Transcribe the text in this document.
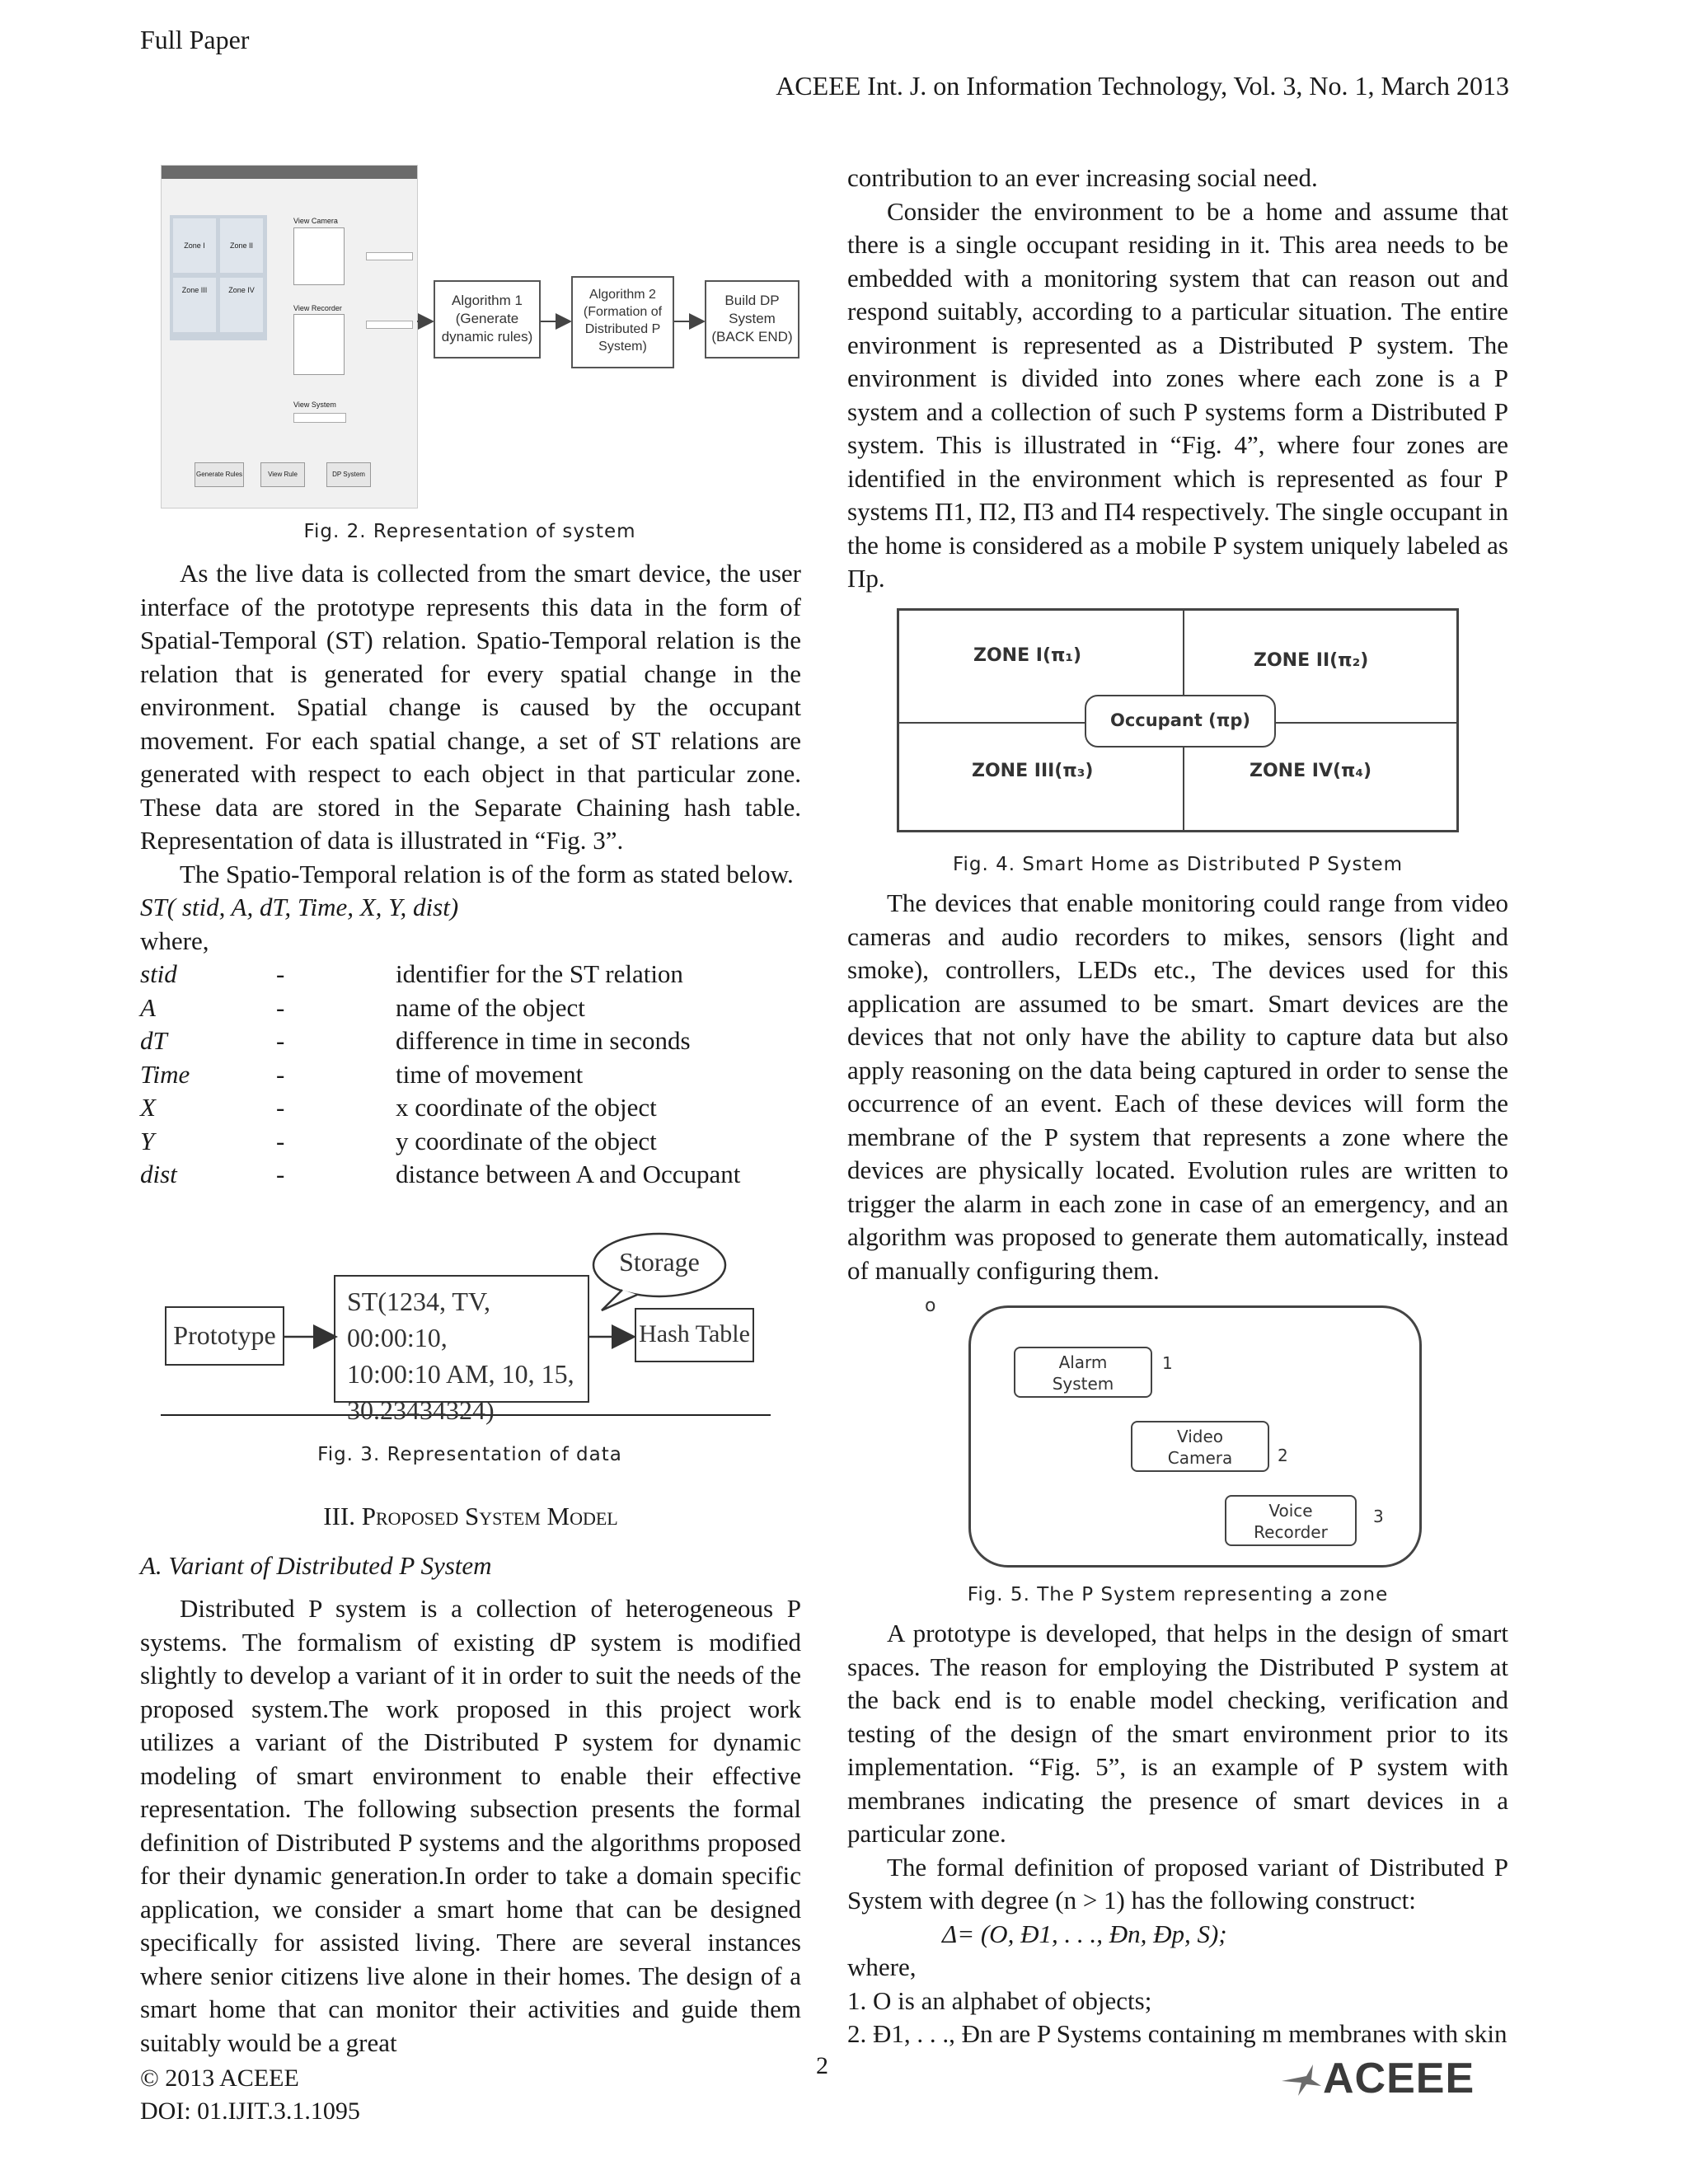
Full Paper
ACEEE Int. J. on Information Technology, Vol. 3, No. 1, March 2013
Zone I	Zone II
Zone III	Zone IV
View Camera
View Recorder
View System
Generate Rules	View Rule	DP System
Algorithm 1
(Generate
dynamic rules)
Algorithm 2
(Formation of
Distributed P
System)
Build DP
System
(BACK END)
Fig. 2. Representation of system

As the live data is collected from the smart device, the user interface of the prototype represents this data in the form of Spatial-Temporal (ST) relation. Spatio-Temporal relation is the relation that is generated for every spatial change in the environment. Spatial change is caused by the occupant movement. For each spatial change, a set of ST relations are generated with respect to each object in that particular zone. These data are stored in the Separate Chaining hash table. Representation of data is illustrated in “Fig. 3”.

The Spatio-Temporal relation is of the form as stated below.

ST( stid, A, dT, Time, X, Y, dist)

where,

stid	-	identifier for the ST relation
A	-	name of the object
dT	-	difference in time in seconds
Time	-	time of movement
X	-	x coordinate of the object
Y	-	y coordinate of the object
dist	-	distance between A and Occupant
Storage
Prototype
ST(1234, TV, 00:00:10,
10:00:10 AM, 10, 15,
30.23434324)
Hash Table
Fig. 3. Representation of data
III. Proposed System Model
A. Variant of Distributed P System

Distributed P system is a collection of heterogeneous P systems. The formalism of existing dP system is modified slightly to develop a variant of it in order to suit the needs of the proposed system.The work proposed in this project work utilizes a variant of the Distributed P system for dynamic modeling of smart environment to enable their effective representation. The following subsection presents the formal definition of Distributed P systems and the algorithms proposed for their dynamic generation.In order to take a domain specific application, we consider a smart home that can be designed specifically for assisted living. There are several instances where senior citizens live alone in their homes. The design of a smart home that can monitor their activities and guide them suitably would be a great

contribution to an ever increasing social need.

Consider the environment to be a home and assume that there is a single occupant residing in it. This area needs to be embedded with a monitoring system that can reason out and respond suitably, according to a particular situation. The entire environment is represented as a Distributed P system. The environment is divided into zones where each zone is a P system and a collection of such P systems form a Distributed P system. This is illustrated in “Fig. 4”, where four zones are identified in the environment which is represented as four P systems Π1, Π2, Π3 and Π4 respectively. The single occupant in the home is considered as a mobile P system uniquely labeled as Πp.

ZONE I(π₁)	ZONE II(π₂)
ZONE III(π₃)	ZONE IV(π₄)
Occupant (πp)
Fig. 4. Smart Home as Distributed P System

The devices that enable monitoring could range from video cameras and audio recorders to mikes, sensors (light and smoke), controllers, LEDs etc., The devices used for this application are assumed to be smart. Smart devices are the devices that not only have the ability to capture data but also apply reasoning on the data being captured in order to sense the occurrence of an event. Each of these devices will form the membrane of the P system that represents a zone where the devices are physically located. Evolution rules are written to trigger the alarm in each zone in case of an emergency, and an algorithm was proposed to generate them automatically, instead of manually configuring them.

o
Alarm
System
1
Video
Camera	2
Voice
Recorder
3
Fig. 5. The P System representing a zone

A prototype is developed, that helps in the design of smart spaces. The reason for employing the Distributed P system at the back end is to enable model checking, verification and testing of the design of the smart environment prior to its implementation. “Fig. 5”, is an example of P system with membranes indicating the presence of smart devices in a particular zone.

The formal definition of proposed variant of Distributed P System with degree (n > 1) has the following construct:

Δ= (O, Đ1, . . ., Đn, Đp, S);

where,

1. O is an alphabet of objects;

2. Đ1, . . ., Đn are P Systems containing m membranes with skin

© 2013 ACEEE
DOI: 01.IJIT.3.1.1095
2	ACEEE
